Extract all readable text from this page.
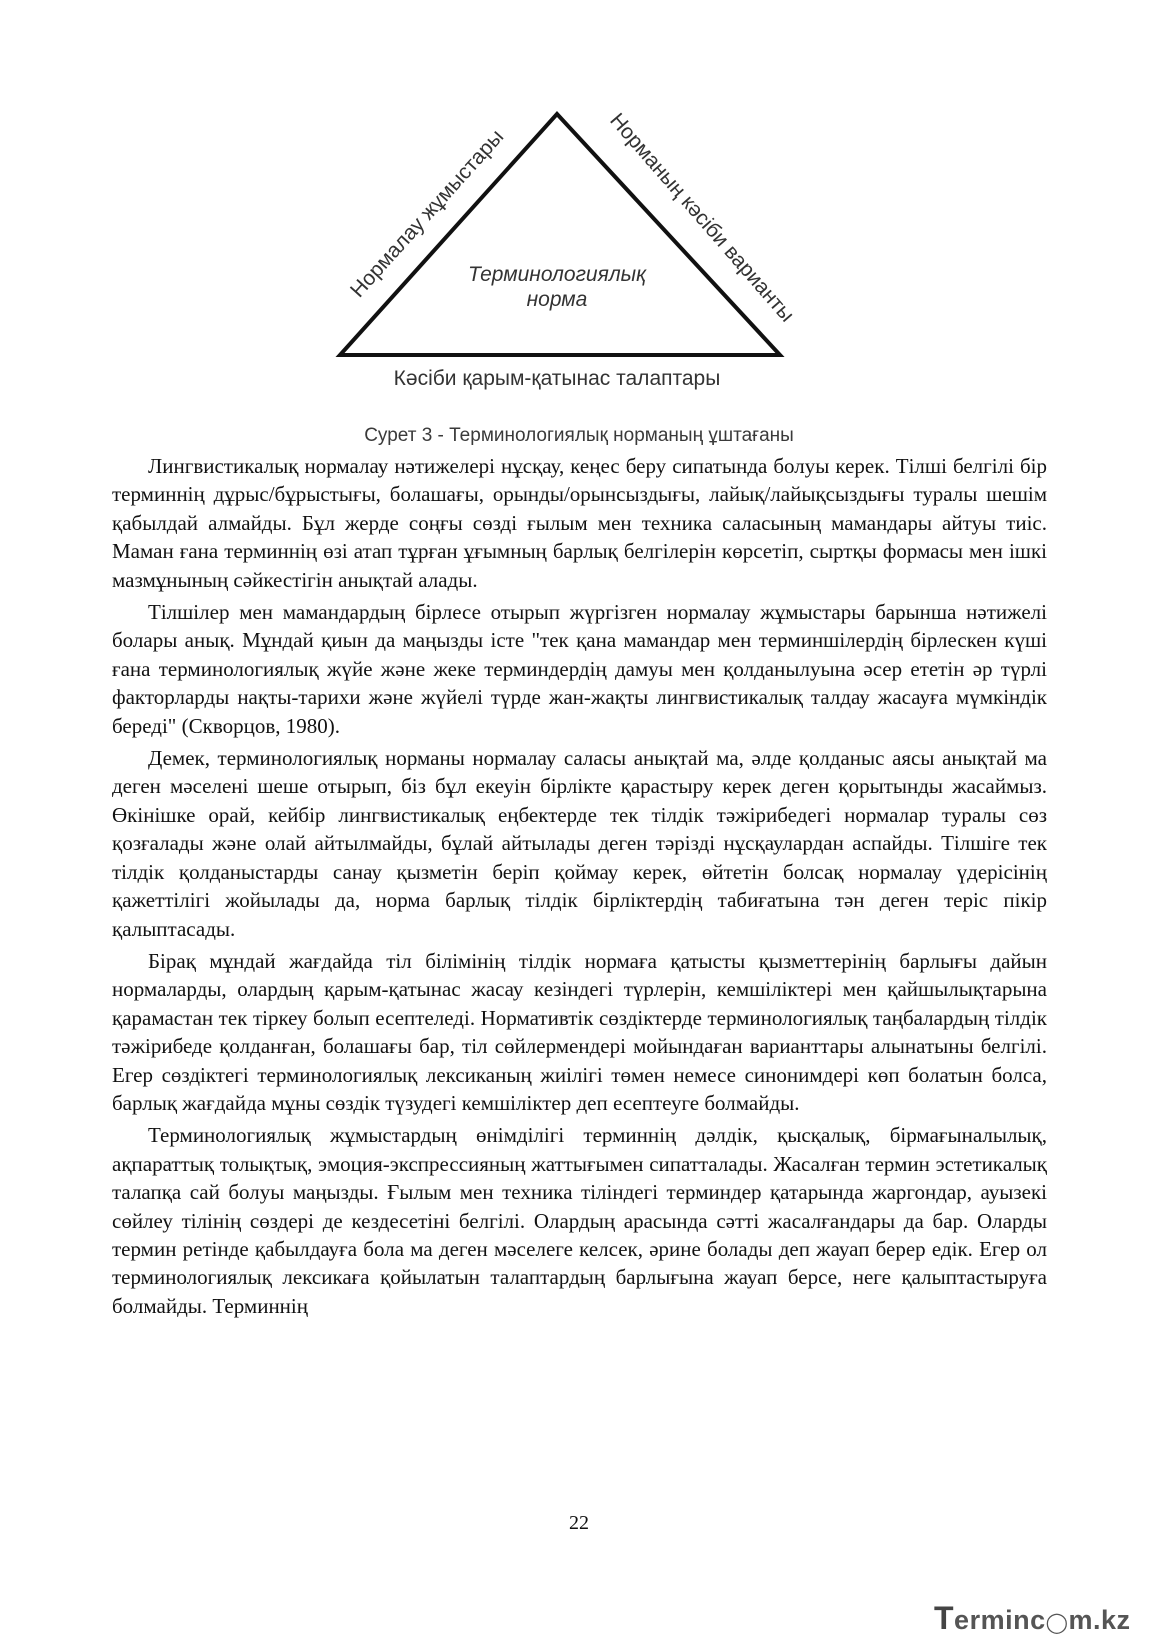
Нормалау жұмыстары	Норманың кәсіби варианты
Терминологиялық
норма
Кәсіби қарым-қатынас талаптары

Сурет 3 - Терминологиялық норманың ұштағаны

Лингвистикалық нормалау нәтижелері нұсқау, кеңес беру сипатында болуы керек. Тілші белгілі бір терминнің дұрыс/бұрыстығы, болашағы, орынды/орынсыздығы, лайық/лайықсыздығы туралы шешім қабылдай алмайды. Бұл жерде соңғы сөзді ғылым мен техника саласының мамандары айтуы тиіс. Маман ғана терминнің өзі атап тұрған ұғымның барлық белгілерін көрсетіп, сыртқы формасы мен ішкі мазмұнының сәйкестігін анықтай алады.

Тілшілер мен мамандардың бірлесе отырып жүргізген нормалау жұмыстары барынша нәтижелі болары анық. Мұндай қиын да маңызды істе "тек қана мамандар мен терминшілердің бірлескен күші ғана терминологиялық жүйе және жеке терминдердің дамуы мен қолданылуына әсер ететін әр түрлі факторларды нақты-тарихи және жүйелі түрде жан-жақты лингвистикалық талдау жасауға мүмкіндік береді" (Скворцов, 1980).

Демек, терминологиялық норманы нормалау саласы анықтай ма, әлде қолданыс аясы анықтай ма деген мәселені шеше отырып, біз бұл екеуін бірлікте қарастыру керек деген қорытынды жасаймыз. Өкінішке орай, кейбір лингвистикалық еңбектерде тек тілдік тәжірибедегі нормалар туралы сөз қозғалады және олай айтылмайды, бұлай айтылады деген тәрізді нұсқаулардан аспайды. Тілшіге тек тілдік қолданыстарды санау қызметін беріп қоймау керек, өйтетін болсақ нормалау үдерісінің қажеттілігі жойылады да, норма барлық тілдік бірліктердің табиғатына тән деген теріс пікір қалыптасады.

Бірақ мұндай жағдайда тіл білімінің тілдік нормаға қатысты қызметтерінің барлығы дайын нормаларды, олардың қарым-қатынас жасау кезіндегі түрлерін, кемшіліктері мен қайшылықтарына қарамастан тек тіркеу болып есептеледі. Нормативтік сөздіктерде терминологиялық таңбалардың тілдік тәжірибеде қолданған, болашағы бар, тіл сөйлермендері мойындаған варианттары алынатыны белгілі. Егер сөздіктегі терминологиялық лексиканың жиілігі төмен немесе синонимдері көп болатын болса, барлық жағдайда мұны сөздік түзудегі кемшіліктер деп есептеуге болмайды.

Терминологиялық жұмыстардың өнімділігі терминнің дәлдік, қысқалық, бірмағыналылық, ақпараттық толықтық, эмоция-экспрессияның жаттығымен сипатталады. Жасалған термин эстетикалық талапқа сай болуы маңызды. Ғылым мен техника тіліндегі терминдер қатарында жаргондар, ауызекі сөйлеу тілінің сөздері де кездесетіні белгілі. Олардың арасында сәтті жасалғандары да бар. Оларды термин ретінде қабылдауға бола ма деген мәселеге келсек, әрине болады деп жауап берер едік. Егер ол терминологиялық лексикаға қойылатын талаптардың барлығына жауап берсе, неге қалыптастыруға болмайды. Терминнің

22
Terminc◯m.kz
